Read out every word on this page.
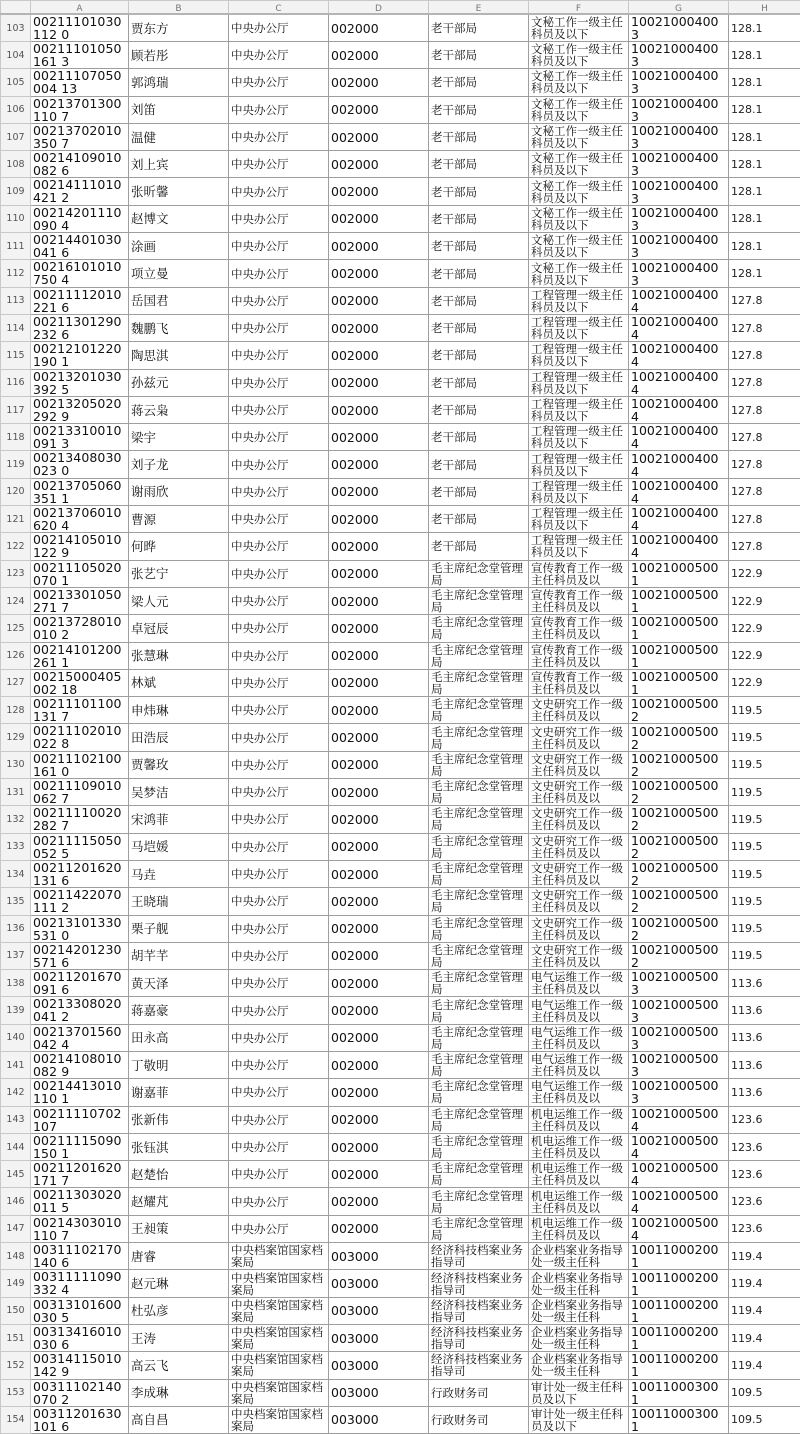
	A	B	C	D	E	F	G	H
103	00211101030112 0	贾东方	中央办公厅	002000	老干部局	文秘工作一级主任科员及以下	100210004003	128.1
104	00211101050161 3	顾若彤	中央办公厅	002000	老干部局	文秘工作一级主任科员及以下	100210004003	128.1
105	00211107050004 13	郭鸿瑞	中央办公厅	002000	老干部局	文秘工作一级主任科员及以下	100210004003	128.1
106	00213701300110 7	刘笛	中央办公厅	002000	老干部局	文秘工作一级主任科员及以下	100210004003	128.1
107	00213702010350 7	温健	中央办公厅	002000	老干部局	文秘工作一级主任科员及以下	100210004003	128.1
108	00214109010082 6	刘上宾	中央办公厅	002000	老干部局	文秘工作一级主任科员及以下	100210004003	128.1
109	00214111010421 2	张昕馨	中央办公厅	002000	老干部局	文秘工作一级主任科员及以下	100210004003	128.1
110	00214201110090 4	赵博文	中央办公厅	002000	老干部局	文秘工作一级主任科员及以下	100210004003	128.1
111	00214401030041 6	涂画	中央办公厅	002000	老干部局	文秘工作一级主任科员及以下	100210004003	128.1
112	00216101010750 4	项立曼	中央办公厅	002000	老干部局	文秘工作一级主任科员及以下	100210004003	128.1
113	00211112010221 6	岳国君	中央办公厅	002000	老干部局	工程管理一级主任科员及以下	100210004004	127.8
114	00211301290232 6	魏鹏飞	中央办公厅	002000	老干部局	工程管理一级主任科员及以下	100210004004	127.8
115	00212101220190 1	陶思淇	中央办公厅	002000	老干部局	工程管理一级主任科员及以下	100210004004	127.8
116	00213201030392 5	孙兹元	中央办公厅	002000	老干部局	工程管理一级主任科员及以下	100210004004	127.8
117	00213205020292 9	蒋云枭	中央办公厅	002000	老干部局	工程管理一级主任科员及以下	100210004004	127.8
118	00213310010091 3	梁宇	中央办公厅	002000	老干部局	工程管理一级主任科员及以下	100210004004	127.8
119	00213408030023 0	刘子龙	中央办公厅	002000	老干部局	工程管理一级主任科员及以下	100210004004	127.8
120	00213705060351 1	谢雨欣	中央办公厅	002000	老干部局	工程管理一级主任科员及以下	100210004004	127.8
121	00213706010620 4	曹源	中央办公厅	002000	老干部局	工程管理一级主任科员及以下	100210004004	127.8
122	00214105010122 9	何晔	中央办公厅	002000	老干部局	工程管理一级主任科员及以下	100210004004	127.8
123	00211105020070 1	张艺宁	中央办公厅	002000	毛主席纪念堂管理局	宣传教育工作一级主任科员及以	100210005001	122.9
124	00213301050271 7	梁人元	中央办公厅	002000	毛主席纪念堂管理局	宣传教育工作一级主任科员及以	100210005001	122.9
125	00213728010010 2	卓冠辰	中央办公厅	002000	毛主席纪念堂管理局	宣传教育工作一级主任科员及以	100210005001	122.9
126	00214101200261 1	张慧琳	中央办公厅	002000	毛主席纪念堂管理局	宣传教育工作一级主任科员及以	100210005001	122.9
127	00215000405002 18	林斌	中央办公厅	002000	毛主席纪念堂管理局	宣传教育工作一级主任科员及以	100210005001	122.9
128	00211101100131 7	申炜琳	中央办公厅	002000	毛主席纪念堂管理局	文史研究工作一级主任科员及以	100210005002	119.5
129	00211102010022 8	田浩辰	中央办公厅	002000	毛主席纪念堂管理局	文史研究工作一级主任科员及以	100210005002	119.5
130	00211102100161 0	贾馨玫	中央办公厅	002000	毛主席纪念堂管理局	文史研究工作一级主任科员及以	100210005002	119.5
131	00211109010062 7	吴梦洁	中央办公厅	002000	毛主席纪念堂管理局	文史研究工作一级主任科员及以	100210005002	119.5
132	00211110020282 7	宋鸿菲	中央办公厅	002000	毛主席纪念堂管理局	文史研究工作一级主任科员及以	100210005002	119.5
133	00211115050052 5	马垲媛	中央办公厅	002000	毛主席纪念堂管理局	文史研究工作一级主任科员及以	100210005002	119.5
134	00211201620131 6	马垚	中央办公厅	002000	毛主席纪念堂管理局	文史研究工作一级主任科员及以	100210005002	119.5
135	00211422070111 2	王晓瑞	中央办公厅	002000	毛主席纪念堂管理局	文史研究工作一级主任科员及以	100210005002	119.5
136	00213101330531 0	栗子舰	中央办公厅	002000	毛主席纪念堂管理局	文史研究工作一级主任科员及以	100210005002	119.5
137	00214201230571 6	胡芊芊	中央办公厅	002000	毛主席纪念堂管理局	文史研究工作一级主任科员及以	100210005002	119.5
138	00211201670091 6	黄天泽	中央办公厅	002000	毛主席纪念堂管理局	电气运维工作一级主任科员及以	100210005003	113.6
139	00213308020041 2	蒋嘉豪	中央办公厅	002000	毛主席纪念堂管理局	电气运维工作一级主任科员及以	100210005003	113.6
140	00213701560042 4	田永高	中央办公厅	002000	毛主席纪念堂管理局	电气运维工作一级主任科员及以	100210005003	113.6
141	00214108010082 9	丁敬明	中央办公厅	002000	毛主席纪念堂管理局	电气运维工作一级主任科员及以	100210005003	113.6
142	00214413010110 1	谢嘉菲	中央办公厅	002000	毛主席纪念堂管理局	电气运维工作一级主任科员及以	100210005003	113.6
143	00211110702107	张新伟	中央办公厅	002000	毛主席纪念堂管理局	机电运维工作一级主任科员及以	100210005004	123.6
144	00211115090150 1	张钰淇	中央办公厅	002000	毛主席纪念堂管理局	机电运维工作一级主任科员及以	100210005004	123.6
145	00211201620171 7	赵楚怡	中央办公厅	002000	毛主席纪念堂管理局	机电运维工作一级主任科员及以	100210005004	123.6
146	00211303020011 5	赵耀芃	中央办公厅	002000	毛主席纪念堂管理局	机电运维工作一级主任科员及以	100210005004	123.6
147	00214303010110 7	王昶策	中央办公厅	002000	毛主席纪念堂管理局	机电运维工作一级主任科员及以	100210005004	123.6
148	00311102170140 6	唐睿	中央档案馆国家档案局	003000	经济科技档案业务指导司	企业档案业务指导处一级主任科	100110002001	119.4
149	00311111090332 4	赵元琳	中央档案馆国家档案局	003000	经济科技档案业务指导司	企业档案业务指导处一级主任科	100110002001	119.4
150	00313101600030 5	杜弘彦	中央档案馆国家档案局	003000	经济科技档案业务指导司	企业档案业务指导处一级主任科	100110002001	119.4
151	00313416010030 6	王涛	中央档案馆国家档案局	003000	经济科技档案业务指导司	企业档案业务指导处一级主任科	100110002001	119.4
152	00314115010142 9	高云飞	中央档案馆国家档案局	003000	经济科技档案业务指导司	企业档案业务指导处一级主任科	100110002001	119.4
153	00311102140070 2	李成琳	中央档案馆国家档案局	003000	行政财务司	审计处一级主任科员及以下	100110003001	109.5
154	00311201630101 6	高自昌	中央档案馆国家档案局	003000	行政财务司	审计处一级主任科员及以下	100110003001	109.5
